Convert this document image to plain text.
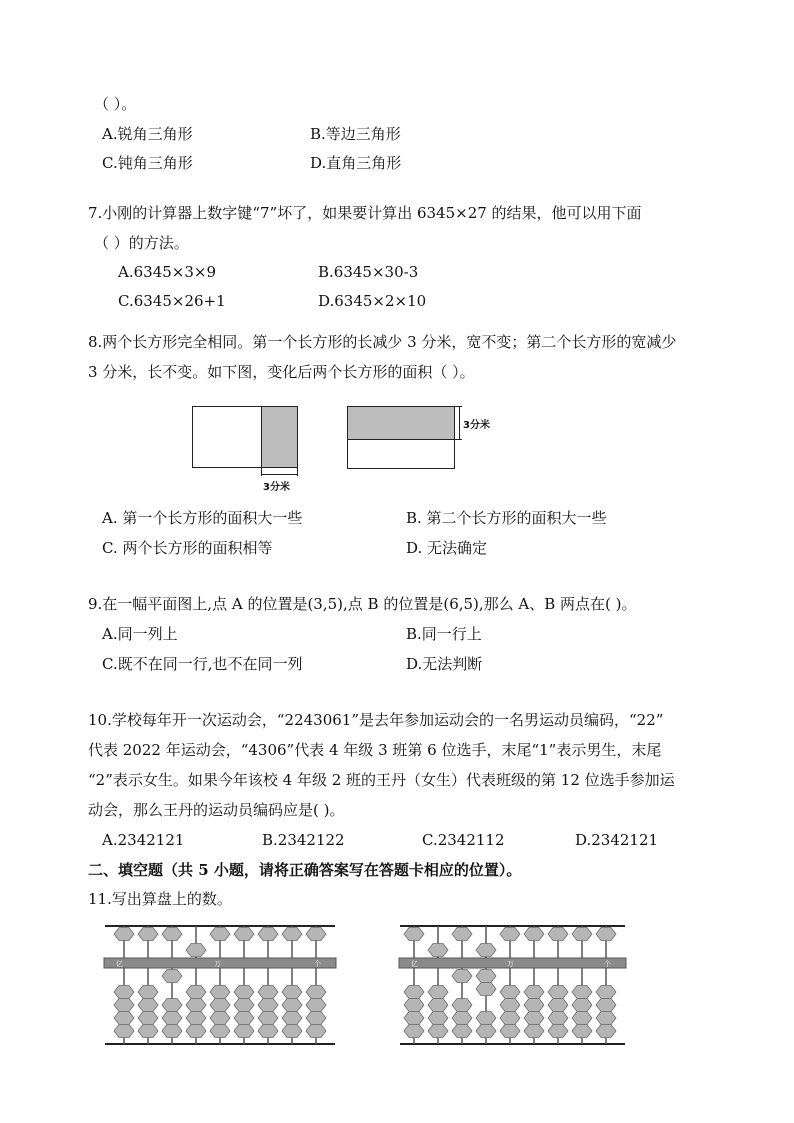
（ ）。
A.锐角三角形	B.等边三角形
C.钝角三角形	D.直角三角形
7.小刚的计算器上数字键“7”坏了，如果要计算出 6345×27 的结果，他可以用下面
（ ）的方法。
A.6345×3×9	B.6345×30-3
C.6345×26+1	D.6345×2×10
8.两个长方形完全相同。第一个长方形的长减少 3 分米，宽不变；第二个长方形的宽减少
3 分米，长不变。如下图，变化后两个长方形的面积（ ）。
3分米
3分米
A. 第一个长方形的面积大一些	B. 第二个长方形的面积大一些
C. 两个长方形的面积相等	D. 无法确定
9.在一幅平面图上,点 A 的位置是(3,5),点 B 的位置是(6,5),那么 A、B 两点在( )。
A.同一列上	B.同一行上
C.既不在同一行,也不在同一列	D.无法判断
10.学校每年开一次运动会，“2243061”是去年参加运动会的一名男运动员编码，“22”
代表 2022 年运动会，“4306”代表 4 年级 3 班第 6 位选手，末尾“1”表示男生，末尾
“2”表示女生。如果今年该校 4 年级 2 班的王丹（女生）代表班级的第 12 位选手参加运
动会，那么王丹的运动员编码应是( )。
A.2342121	B.2342122	C.2342112	D.2342121
二、填空题（共 5 小题，请将正确答案写在答题卡相应的位置）。
11.写出算盘上的数。
亿	万	个	亿	万	个
